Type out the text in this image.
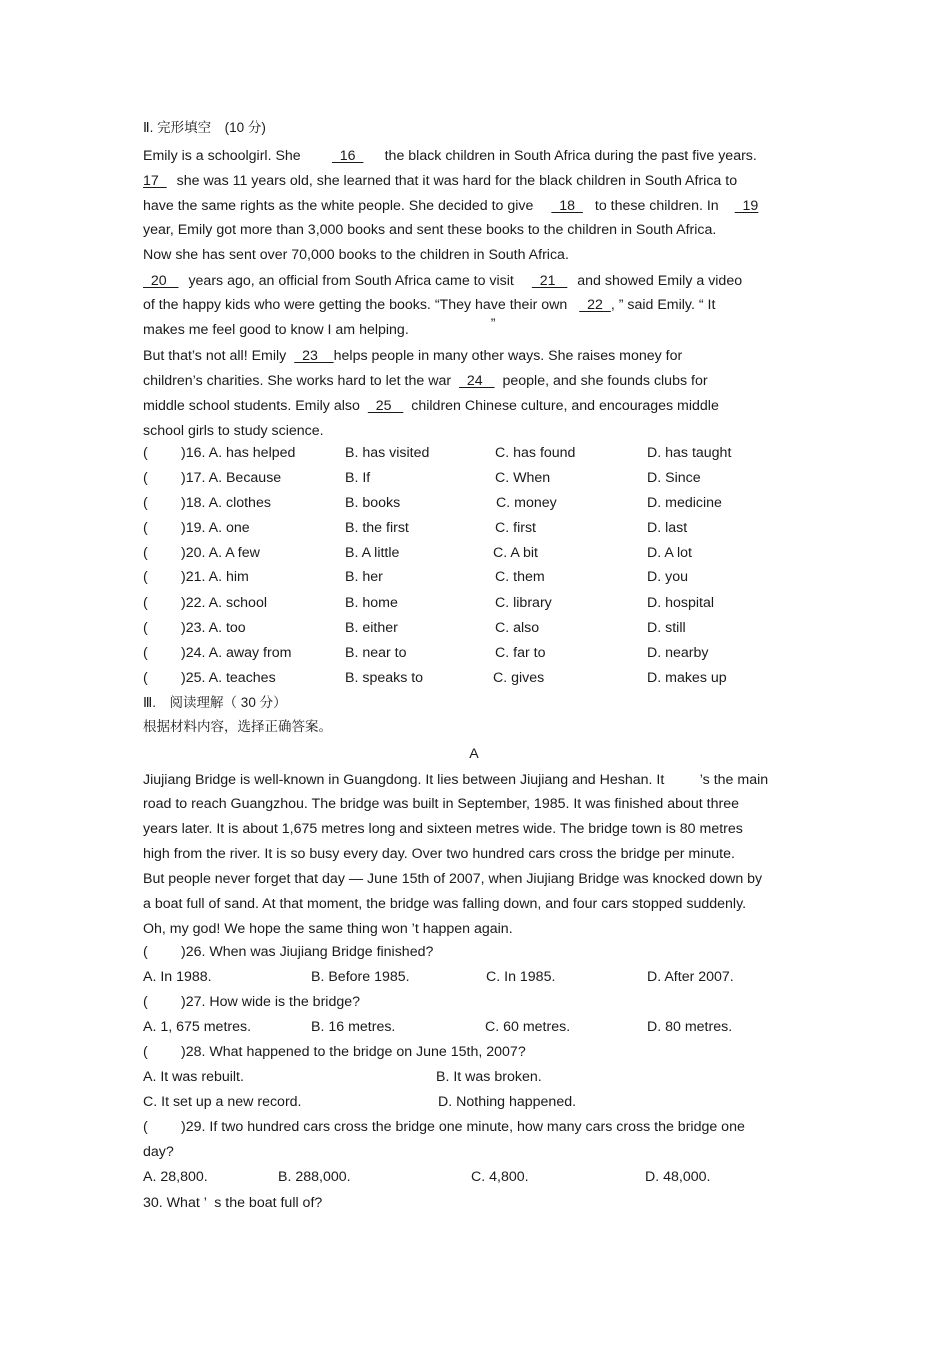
Ⅱ. 完形填空　(10 分)
Emily is a schoolgirl. She   16   the black children in South Africa during the past five years.
17   she was 11 years old, she learned that it was hard for the black children in South Africa to
have the same rights as the white people. She decided to give   18   to these children. In   19
year, Emily got more than 3,000 books and sent these books to the children in South Africa.
Now she has sent over 70,000 books to the children in South Africa.
20    years ago, an official from South Africa came to visit   21    and showed Emily a video
of the happy kids who were getting the books. “They have their own   22  , ” said Emily. “ It
makes me feel good to know I am helping.	”
But that’s not all! Emily   23    helps people in many other ways. She raises money for
children’s charities. She works hard to let the war   24    people, and she founds clubs for
middle school students. Emily also   25    children Chinese culture, and encourages middle
school girls to study science.
( )16. A. has helped	B. has visited	C. has found	D. has taught
( )17. A. Because	B. If	C. When	D. Since
( )18. A. clothes	B. books	C. money	D. medicine
( )19. A. one	B. the first	C. first	D. last
( )20. A. A few	B. A little	C. A bit	D. A lot
( )21. A. him	B. her	C. them	D. you
( )22. A. school	B. home	C. library	D. hospital
( )23. A. too	B. either	C. also	D. still
( )24. A. away from	B. near to	C. far to	D. nearby
( )25. A. teaches	B. speaks to	C. gives	D. makes up
Ⅲ.　阅读理解（ 30 分）
根据材料内容，选择正确答案。
A
Jiujiang Bridge is well-known in Guangdong. It lies between Jiujiang and Heshan. It         ’s the main
road to reach Guangzhou. The bridge was built in September, 1985. It was finished about three
years later. It is about 1,675 metres long and sixteen metres wide. The bridge town is 80 metres
high from the river. It is so busy every day. Over two hundred cars cross the bridge per minute.
But people never forget that day — June 15th of 2007, when Jiujiang Bridge was knocked down by
a boat full of sand. At that moment, the bridge was falling down, and four cars stopped suddenly.
Oh, my god! We hope the same thing won ’t happen again.
( )26. When was Jiujiang Bridge finished?
A. In 1988.	B. Before 1985.	C. In 1985.	D. After 2007.
( )27. How wide is the bridge?
A. 1, 675 metres.	B. 16 metres.	C. 60 metres.	D. 80 metres.
( )28. What happened to the bridge on June 15th, 2007?
A. It was rebuilt.	B. It was broken.
C. It set up a new record.	D. Nothing happened.
( )29. If two hundred cars cross the bridge one minute, how many cars cross the bridge one
day?
A. 28,800.	B. 288,000.	C. 4,800.	D. 48,000.
30. What ’  s the boat full of?
